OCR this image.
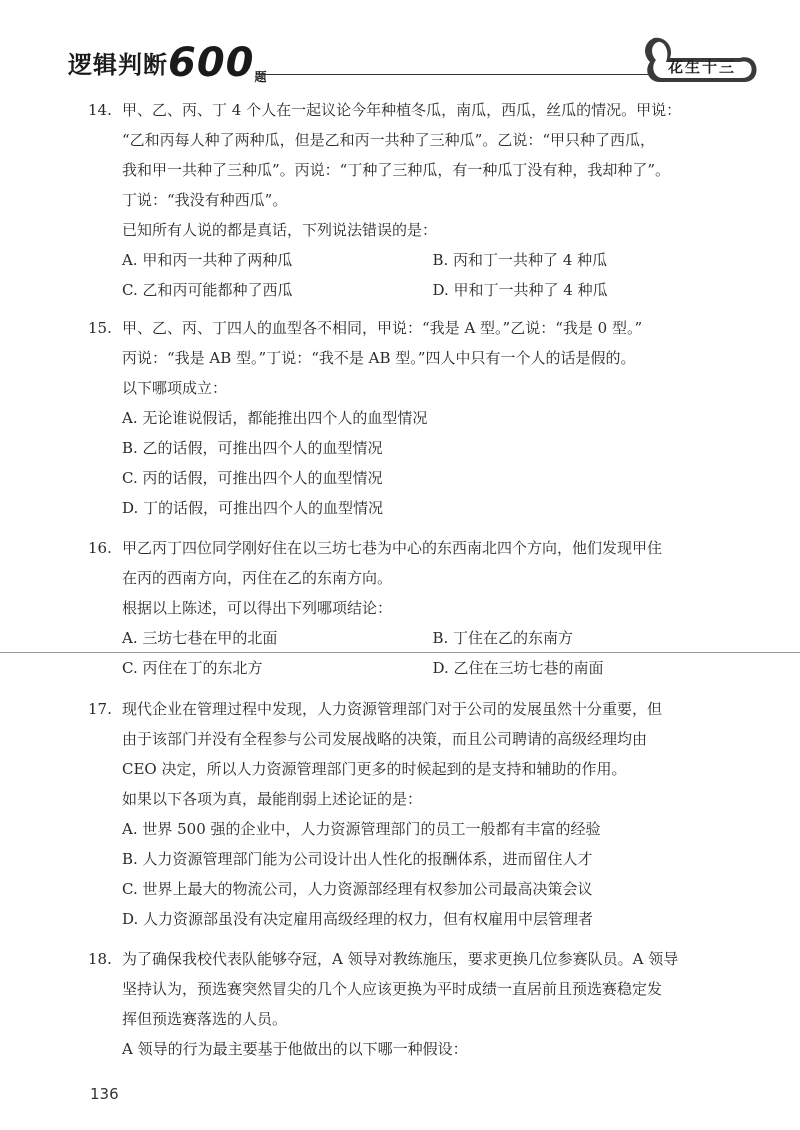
逻辑判断$600_题$
花生十三
14. 甲、乙、丙、丁 4 个人在一起议论今年种植冬瓜，南瓜，西瓜，丝瓜的情况。甲说：
“乙和丙每人种了两种瓜，但是乙和丙一共种了三种瓜”。乙说：“甲只种了西瓜，
我和甲一共种了三种瓜”。丙说：“丁种了三种瓜，有一种瓜丁没有种，我却种了”。
丁说：“我没有种西瓜”。
已知所有人说的都是真话，下列说法错误的是：
A. 甲和丙一共种了两种瓜	B. 丙和丁一共种了 4 种瓜
C. 乙和丙可能都种了西瓜	D. 甲和丁一共种了 4 种瓜
15. 甲、乙、丙、丁四人的血型各不相同，甲说：“我是 A 型。”乙说：“我是 0 型。”
丙说：“我是 AB 型。”丁说：“我不是 AB 型。”四人中只有一个人的话是假的。
以下哪项成立：
A. 无论谁说假话，都能推出四个人的血型情况
B. 乙的话假，可推出四个人的血型情况
C. 丙的话假，可推出四个人的血型情况
D. 丁的话假，可推出四个人的血型情况
16. 甲乙丙丁四位同学刚好住在以三坊七巷为中心的东西南北四个方向，他们发现甲住
在丙的西南方向，丙住在乙的东南方向。
根据以上陈述，可以得出下列哪项结论：
A. 三坊七巷在甲的北面	B. 丁住在乙的东南方
C. 丙住在丁的东北方	D. 乙住在三坊七巷的南面
17. 现代企业在管理过程中发现，人力资源管理部门对于公司的发展虽然十分重要，但
由于该部门并没有全程参与公司发展战略的决策，而且公司聘请的高级经理均由
CEO 决定，所以人力资源管理部门更多的时候起到的是支持和辅助的作用。
如果以下各项为真，最能削弱上述论证的是：
A. 世界 500 强的企业中，人力资源管理部门的员工一般都有丰富的经验
B. 人力资源管理部门能为公司设计出人性化的报酬体系，进而留住人才
C. 世界上最大的物流公司，人力资源部经理有权参加公司最高决策会议
D. 人力资源部虽没有决定雇用高级经理的权力，但有权雇用中层管理者
18. 为了确保我校代表队能够夺冠，A 领导对教练施压，要求更换几位参赛队员。A 领导
坚持认为，预选赛突然冒尖的几个人应该更换为平时成绩一直居前且预选赛稳定发
挥但预选赛落选的人员。
A 领导的行为最主要基于他做出的以下哪一种假设：
136
